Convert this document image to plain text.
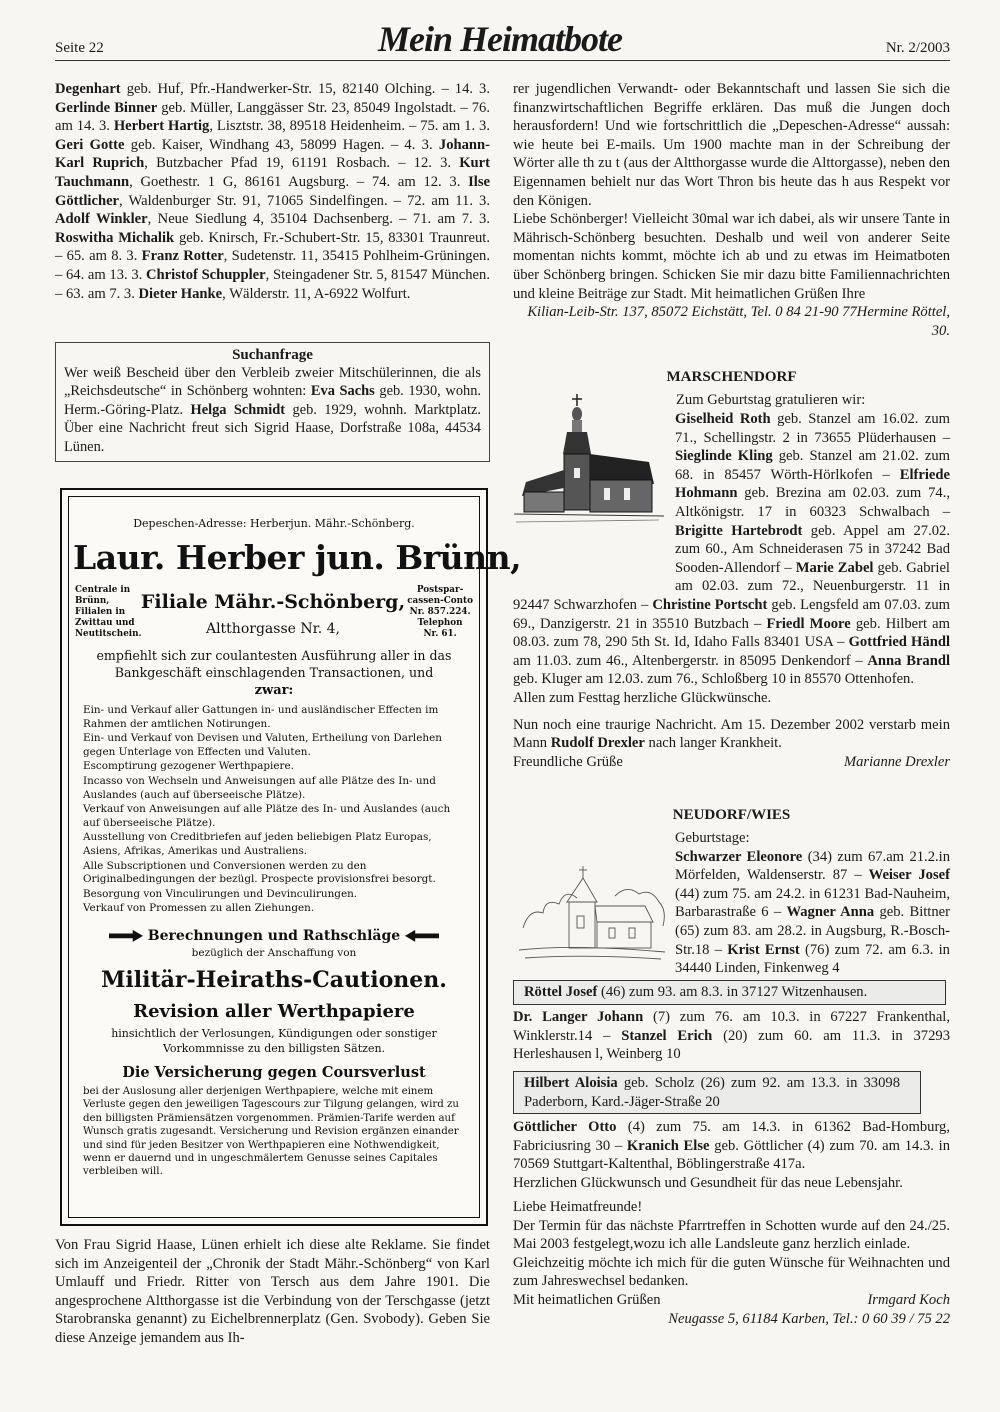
Seite 22	Mein Heimatbote	Nr. 2/2003

Degenhart geb. Huf, Pfr.-Handwerker-Str. 15, 82140 Olching. – 14. 3. Gerlinde Binner geb. Müller, Langgässer Str. 23, 85049 Ingolstadt. – 76. am 14. 3. Herbert Hartig, Lisztstr. 38, 89518 Heidenheim. – 75. am 1. 3. Geri Gotte geb. Kaiser, Windhang 43, 58099 Hagen. – 4. 3. Johann-Karl Ruprich, Butzbacher Pfad 19, 61191 Rosbach. – 12. 3. Kurt Tauchmann, Goethestr. 1 G, 86161 Augsburg. – 74. am 12. 3. Ilse Göttlicher, Waldenburger Str. 91, 71065 Sindelfingen. – 72. am 11. 3. Adolf Winkler, Neue Siedlung 4, 35104 Dachsenberg. – 71. am 7. 3. Roswitha Michalik geb. Knirsch, Fr.-Schubert-Str. 15, 83301 Traunreut. – 65. am 8. 3. Franz Rotter, Sudetenstr. 11, 35415 Pohlheim-Grüningen. – 64. am 13. 3. Christof Schuppler, Steingadener Str. 5, 81547 München. – 63. am 7. 3. Dieter Hanke, Wälderstr. 11, A-6922 Wolfurt.

Suchanfrage
Wer weiß Bescheid über den Verbleib zweier Mitschülerinnen, die als „Reichsdeutsche“ in Schönberg wohnten: Eva Sachs geb. 1930, wohn. Herm.-Göring-Platz. Helga Schmidt geb. 1929, wohnh. Marktplatz. Über eine Nachricht freut sich Sigrid Haase, Dorfstraße 108a, 44534 Lünen.
Depeschen-Adresse: Herberjun. Mähr.-Schönberg.
Laur. Herber jun. Brünn,
Centrale in
Brünn,
Filialen in
Zwittau und
Neutitschein.
Filiale Mähr.-Schönberg,
Altthorgasse Nr. 4,
Postspar-
cassen-Conto
Nr. 857.224.
Telephon
Nr. 61.
empfiehlt sich zur coulantesten Ausführung aller in das Bankgeschäft einschlagenden Transactionen, und
zwar:
Ein- und Verkauf aller Gattungen in- und ausländischer Effecten im Rahmen der amtlichen Notirungen.
Ein- und Verkauf von Devisen und Valuten, Ertheilung von Darlehen gegen Unterlage von Effecten und Valuten.
Escomptirung gezogener Werthpapiere.
Incasso von Wechseln und Anweisungen auf alle Plätze des In- und Auslandes (auch auf überseeische Plätze).
Verkauf von Anweisungen auf alle Plätze des In- und Auslandes (auch auf überseeische Plätze).
Ausstellung von Creditbriefen auf jeden beliebigen Platz Europas, Asiens, Afrikas, Amerikas und Australiens.
Alle Subscriptionen und Conversionen werden zu den Originalbedingungen der bezügl. Prospecte provisionsfrei besorgt.
Besorgung von Vinculirungen und Devinculirungen.
Verkauf von Promessen zu allen Ziehungen.
Berechnungen und Rathschläge
bezüglich der Anschaffung von
Militär-Heiraths-Cautionen.
Revision aller Werthpapiere
hinsichtlich der Verlosungen, Kündigungen oder sonstiger Vorkommnisse zu den billigsten Sätzen.
Die Versicherung gegen Coursverlust
bei der Auslosung aller derjenigen Werthpapiere, welche mit einem Verluste gegen den jeweiligen Tagescours zur Tilgung gelangen, wird zu den billigsten Prämiensätzen vorgenommen. Prämien-Tarife werden auf Wunsch gratis zugesandt. Versicherung und Revision ergänzen einander und sind für jeden Besitzer von Werthpapieren eine Nothwendigkeit, wenn er dauernd und in ungeschmälertem Genusse seines Capitales verbleiben will.
Von Frau Sigrid Haase, Lünen erhielt ich diese alte Reklame. Sie findet sich im Anzeigenteil der „Chronik der Stadt Mähr.-Schönberg“ von Karl Umlauff und Friedr. Ritter von Tersch aus dem Jahre 1901. Die angesprochene Altthorgasse ist die Verbindung von der Terschgasse (jetzt Starobranska genannt) zu Eichelbrennerplatz (Gen. Svobody). Geben Sie diese Anzeige jemandem aus Ih-

rer jugendlichen Verwandt- oder Bekanntschaft und lassen Sie sich die finanzwirtschaftlichen Begriffe erklären. Das muß die Jungen doch herausfordern! Und wie fortschrittlich die „Depeschen-Adresse“ aussah: wie heute bei E-mails. Um 1900 machte man in der Schreibung der Wörter alle th zu t (aus der Altthorgasse wurde die Alttorgasse), neben den Eigennamen behielt nur das Wort Thron bis heute das h aus Respekt vor den Königen.

Liebe Schönberger! Vielleicht 30mal war ich dabei, als wir unsere Tante in Mährisch-Schönberg besuchten. Deshalb und weil von anderer Seite momentan nichts kommt, möchte ich ab und zu etwas im Heimatboten über Schönberg bringen. Schicken Sie mir dazu bitte Familiennachrichten und kleine Beiträge zur Stadt. Mit heimatlichen Grüßen Ihre
Hermine Röttel,

Kilian-Leib-Str. 137, 85072 Eichstätt, Tel. 0 84 21-90 77 30.

MARSCHENDORF
Zum Geburtstag gratulieren wir:

Giselheid Roth geb. Stanzel am 16.02. zum 71., Schellingstr. 2 in 73655 Plüderhausen – Sieglinde Kling geb. Stanzel am 21.02. zum 68. in 85457 Wörth-Hörlkofen – Elfriede Hohmann geb. Brezina am 02.03. zum 74., Altkönigstr. 17 in 60323 Schwalbach – Brigitte Hartebrodt geb. Appel am 27.02. zum 60., Am Schneiderasen 75 in 37242 Bad Sooden-Allendorf – Marie Zabel geb. Gabriel am 02.03. zum 72., Neuenburgerstr. 11 in 92447 Schwarzhofen – Christine Portscht geb. Lengsfeld am 07.03. zum 69., Danzigerstr. 21 in 35510 Butzbach – Friedl Moore geb. Hilbert am 08.03. zum 78, 290 5th St. Id, Idaho Falls 83401 USA – Gottfried Händl am 11.03. zum 46., Altenbergerstr. in 85095 Denkendorf – Anna Brandl geb. Kluger am 12.03. zum 76., Schloßberg 10 in 85570 Ottenhofen.

Allen zum Festtag herzliche Glückwünsche.

Nun noch eine traurige Nachricht. Am 15. Dezember 2002 verstarb mein Mann Rudolf Drexler nach langer Krankheit.

Freundliche Grüße	Marianne Drexler

NEUDORF/WIES
Geburtstage:

Schwarzer Eleonore (34) zum 67.am 21.2.in Mörfelden, Waldenserstr. 87 – Weiser Josef (44) zum 75. am 24.2. in 61231 Bad-Nauheim, Barbarastraße 6 – Wagner Anna geb. Bittner (65) zum 83. am 28.2. in Augsburg, R.-Bosch-Str.18 – Krist Ernst (76) zum 72. am 6.3. in 34440 Linden, Finkenweg 4

Röttel Josef (46) zum 93. am 8.3. in 37127 Witzenhausen.
Dr. Langer Johann (7) zum 76. am 10.3. in 67227 Frankenthal, Winklerstr.14 – Stanzel Erich (20) zum 60. am 11.3. in 37293 Herleshausen l, Weinberg 10
Hilbert Aloisia geb. Scholz (26) zum 92. am 13.3. in 33098 Paderborn, Kard.-Jäger-Straße 20

Göttlicher Otto (4) zum 75. am 14.3. in 61362 Bad-Homburg, Fabriciusring 30 – Kranich Else geb. Göttlicher (4) zum 70. am 14.3. in 70569 Stuttgart-Kaltenthal, Böblingerstraße 417a.

Herzlichen Glückwunsch und Gesundheit für das neue Lebensjahr.

Liebe Heimatfreunde!

Der Termin für das nächste Pfarrtreffen in Schotten wurde auf den 24./25. Mai 2003 festgelegt,wozu ich alle Landsleute ganz herzlich einlade.

Gleichzeitig möchte ich mich für die guten Wünsche für Weihnachten und zum Jahreswechsel bedanken.

Mit heimatlichen Grüßen	Irmgard Koch

Neugasse 5, 61184 Karben, Tel.: 0 60 39 / 75 22
